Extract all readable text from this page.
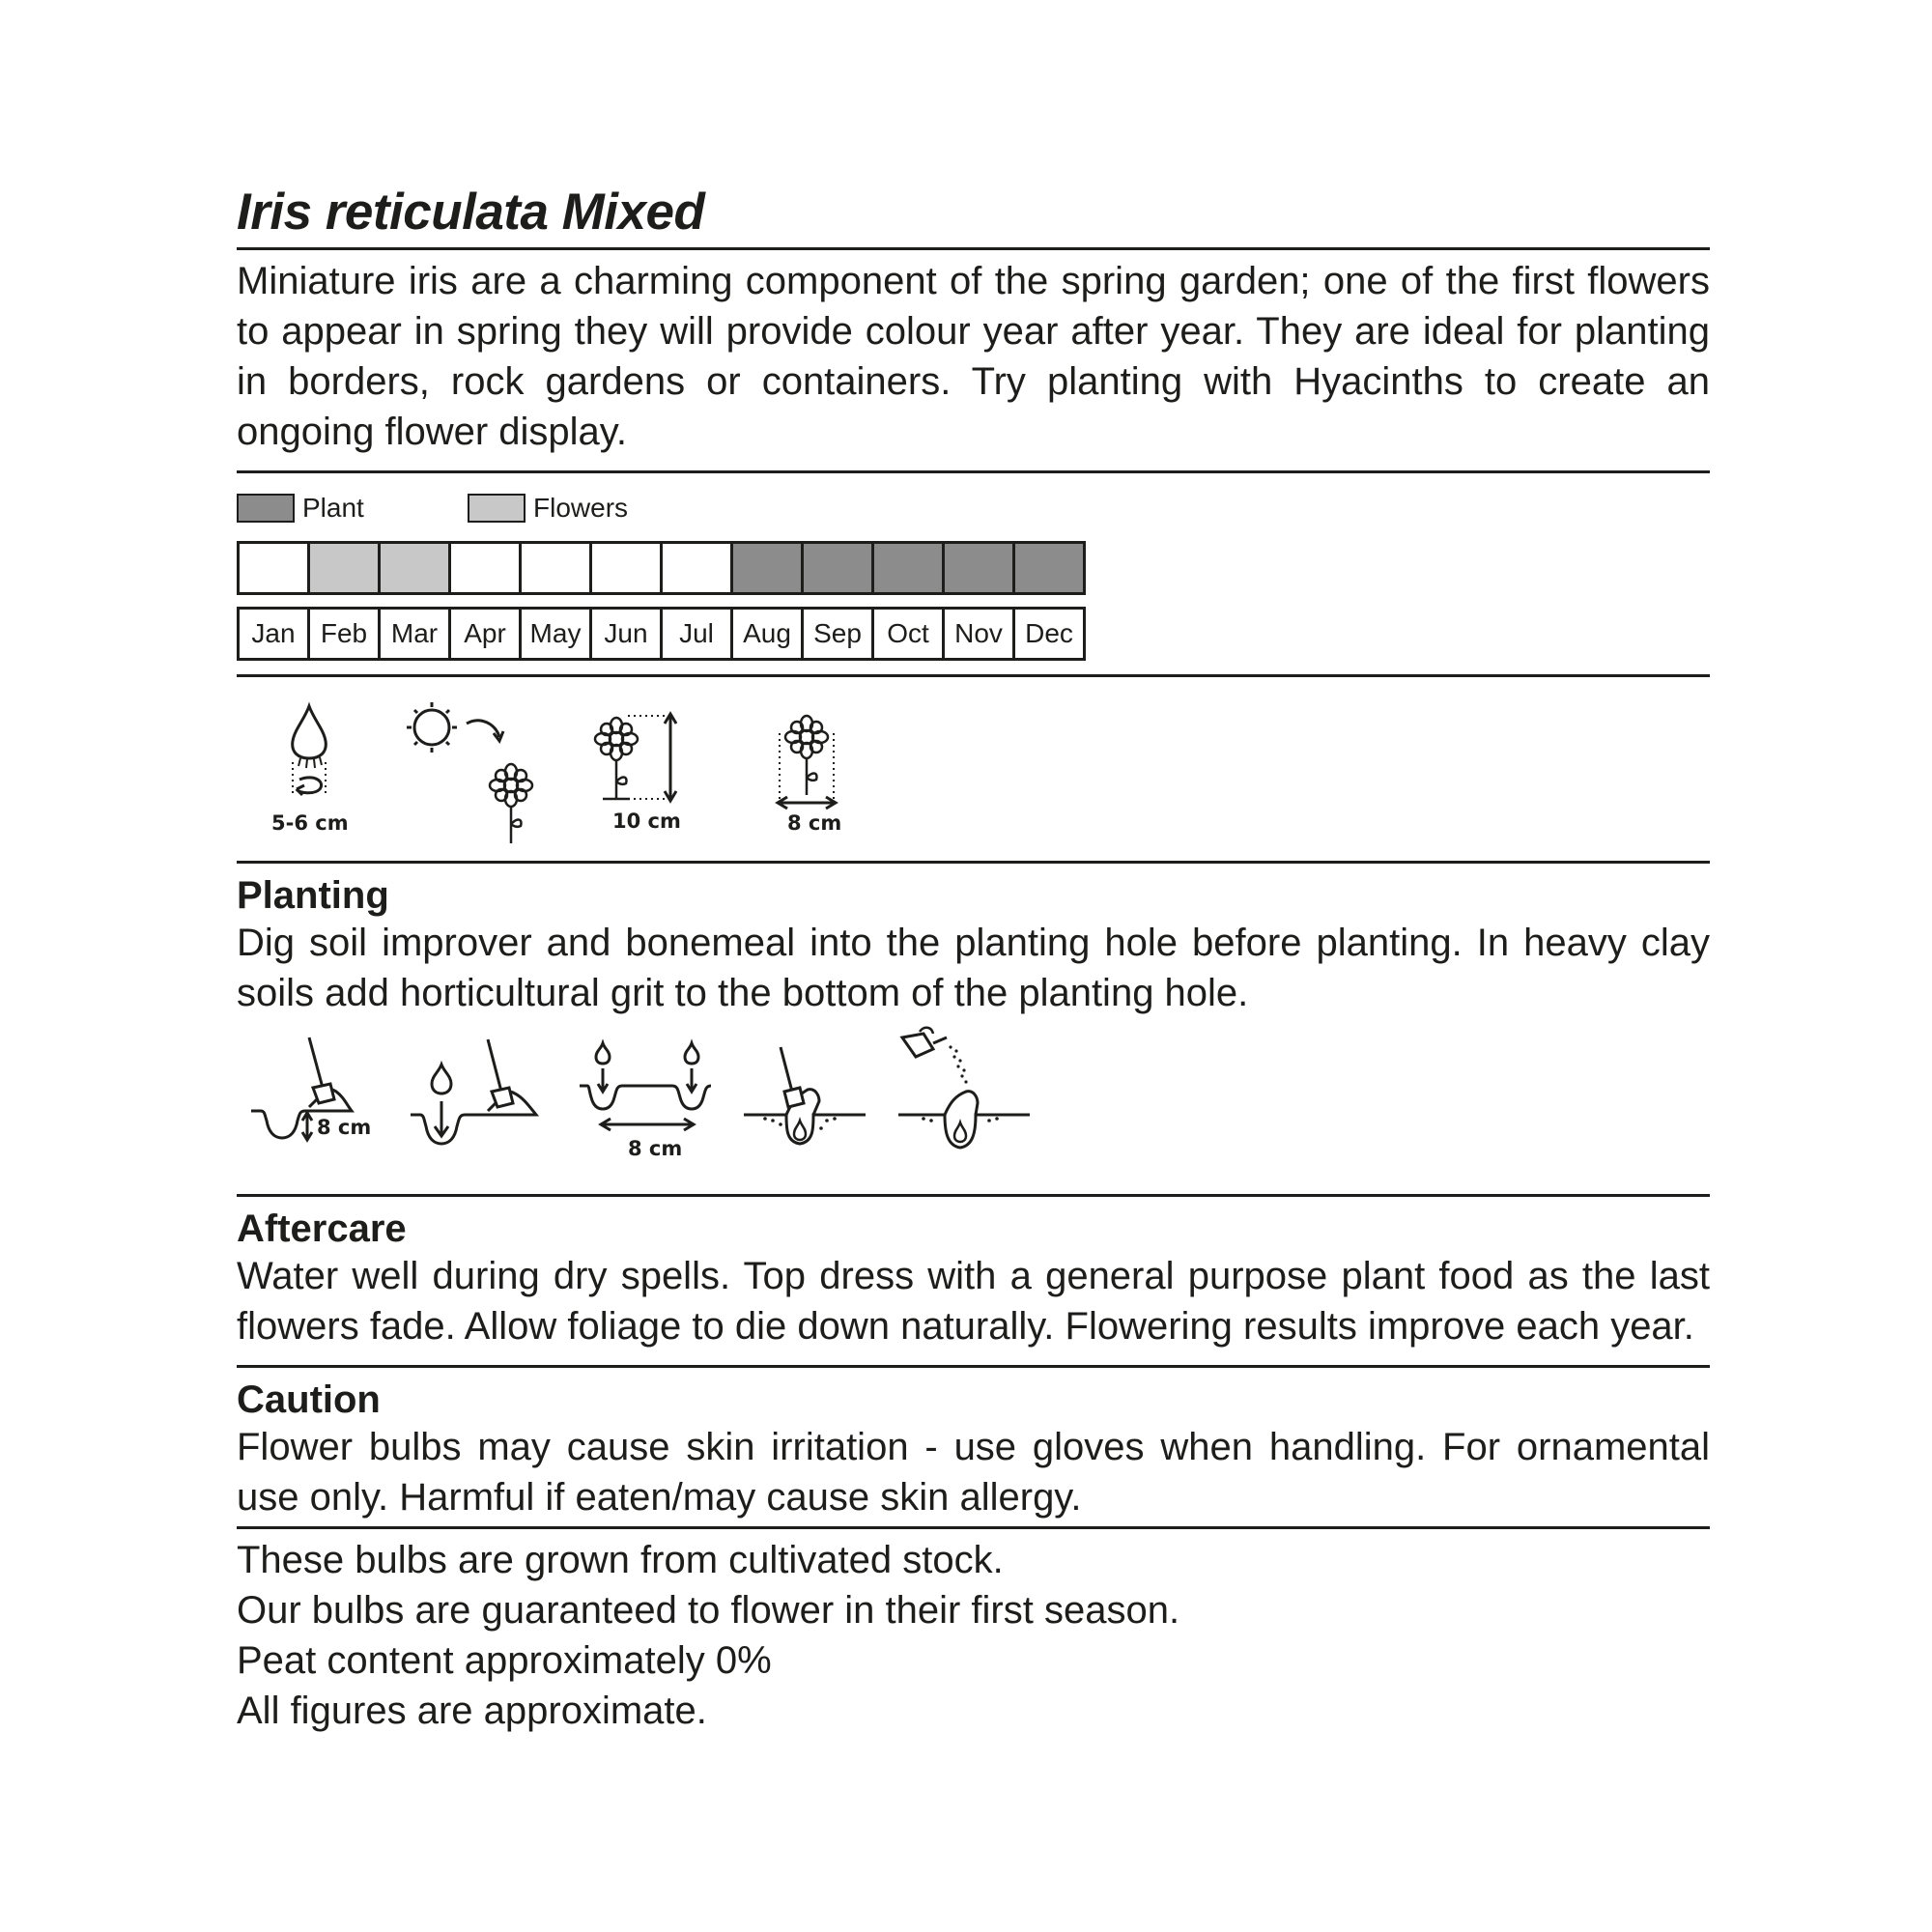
Iris reticulata Mixed

Miniature iris are a charming component of the spring garden; one of the first flowers to appear in spring they will provide colour year after year. They are ideal for planting in borders, rock gardens or containers. Try planting with Hyacinths to create an ongoing flower display.

Plant	Flowers
Jan Feb Mar Apr May Jun	Jul	Aug Sep Oct Nov Dec
5-6 cm	10 cm	8 cm
Planting

Dig soil improver and bonemeal into the planting hole before planting. In heavy clay soils add horticultural grit to the bottom of the planting hole.

8 cm
8 cm
Aftercare

Water well during dry spells. Top dress with a general purpose plant food as the last flowers fade. Allow foliage to die down naturally. Flowering results improve each year.

Caution

Flower bulbs may cause skin irritation - use gloves when handling. For ornamental use only. Harmful if eaten/may cause skin allergy.

These bulbs are grown from cultivated stock.

Our bulbs are guaranteed to flower in their first season.

Peat content approximately 0%

All figures are approximate.
